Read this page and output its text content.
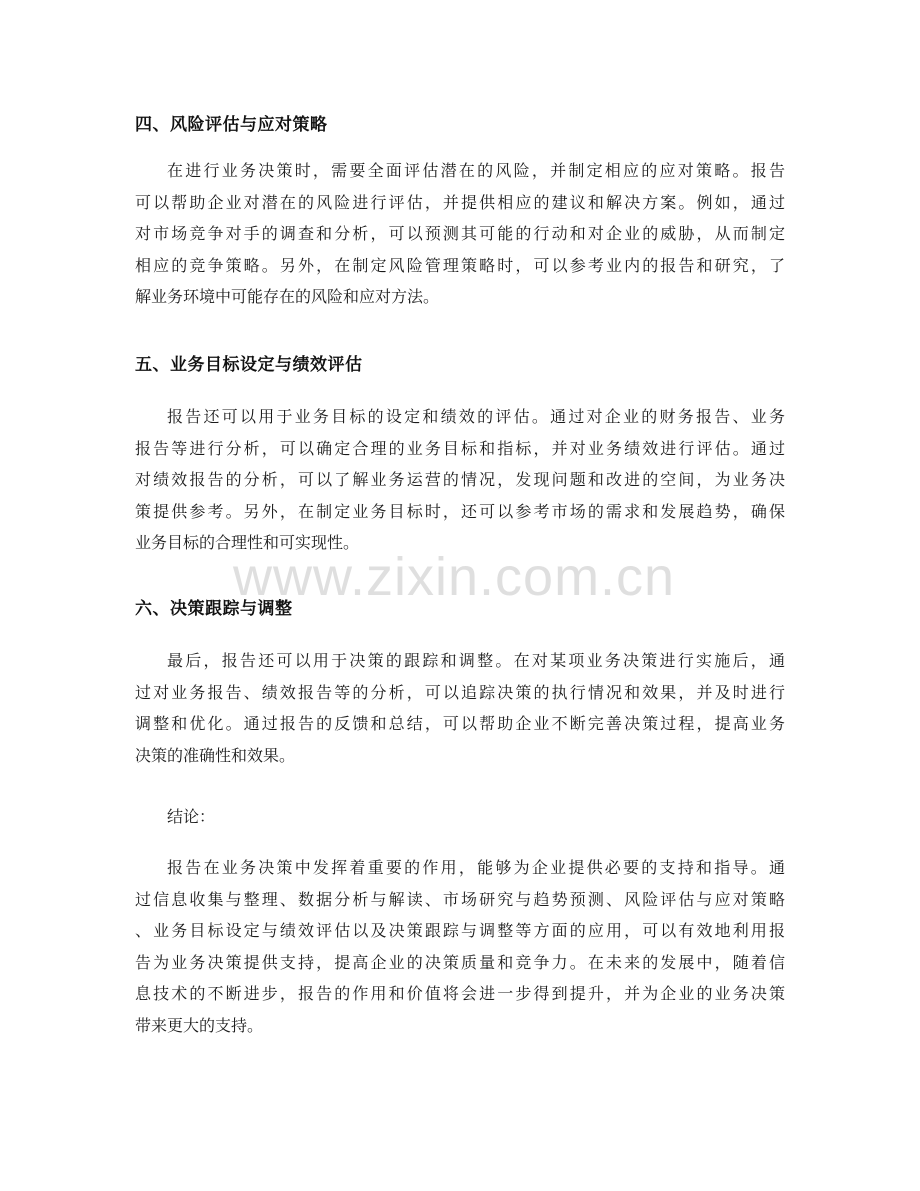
四、风险评估与应对策略
在进行业务决策时，需要全面评估潜在的风险，并制定相应的应对策略。报告
可以帮助企业对潜在的风险进行评估，并提供相应的建议和解决方案。例如，通过
对市场竞争对手的调查和分析，可以预测其可能的行动和对企业的威胁，从而制定
相应的竞争策略。另外，在制定风险管理策略时，可以参考业内的报告和研究，了
解业务环境中可能存在的风险和应对方法。
五、业务目标设定与绩效评估
报告还可以用于业务目标的设定和绩效的评估。通过对企业的财务报告、业务
报告等进行分析，可以确定合理的业务目标和指标，并对业务绩效进行评估。通过
对绩效报告的分析，可以了解业务运营的情况，发现问题和改进的空间，为业务决
策提供参考。另外，在制定业务目标时，还可以参考市场的需求和发展趋势，确保
业务目标的合理性和可实现性。
六、决策跟踪与调整
最后，报告还可以用于决策的跟踪和调整。在对某项业务决策进行实施后，通
过对业务报告、绩效报告等的分析，可以追踪决策的执行情况和效果，并及时进行
调整和优化。通过报告的反馈和总结，可以帮助企业不断完善决策过程，提高业务
决策的准确性和效果。
结论：
报告在业务决策中发挥着重要的作用，能够为企业提供必要的支持和指导。通
过信息收集与整理、数据分析与解读、市场研究与趋势预测、风险评估与应对策略
、业务目标设定与绩效评估以及决策跟踪与调整等方面的应用，可以有效地利用报
告为业务决策提供支持，提高企业的决策质量和竞争力。在未来的发展中，随着信
息技术的不断进步，报告的作用和价值将会进一步得到提升，并为企业的业务决策
带来更大的支持。
www.zixin.com.cn
